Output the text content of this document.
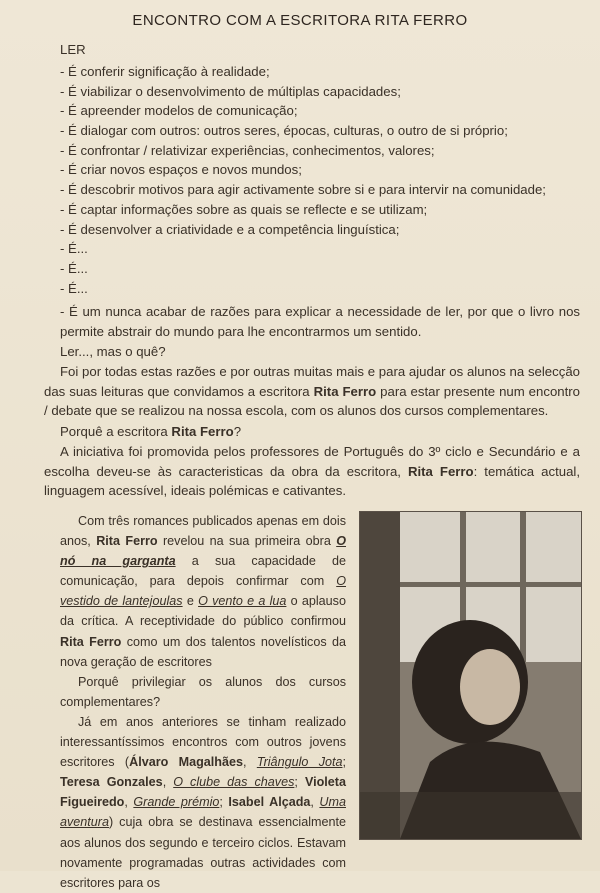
ENCONTRO COM A ESCRITORA RITA FERRO
LER
- É conferir significação à realidade;
- É viabilizar o desenvolvimento de múltiplas capacidades;
- É apreender modelos de comunicação;
- É dialogar com outros: outros seres, épocas, culturas, o outro de si próprio;
- É confrontar / relativizar experiências, conhecimentos, valores;
- É criar novos espaços e novos mundos;
- É descobrir motivos para agir activamente sobre si e para intervir na comunidade;
- É captar informações sobre as quais se reflecte e se utilizam;
- É desenvolver a criatividade e a competência linguística;
- É...
- É...
- É...

- É um nunca acabar de razões para explicar a necessidade de ler, por que o livro nos permite abstrair do mundo para lhe encontrarmos um sentido.

Ler..., mas o quê?

Foi por todas estas razões e por outras muitas mais e para ajudar os alunos na selecção das suas leituras que convidamos a escritora Rita Ferro para estar presente num encontro / debate que se realizou na nossa escola, com os alunos dos cursos complementares.

Porquê a escritora Rita Ferro?

A iniciativa foi promovida pelos professores de Português do 3º ciclo e Secundário e a escolha deveu-se às caracteristicas da obra da escritora, Rita Ferro: temática actual, linguagem acessível, ideais polémicas e cativantes.

Com três romances publicados apenas em dois anos, Rita Ferro revelou na sua primeira obra O nó na garganta a sua capacidade de comunicação, para depois confirmar com O vestido de lantejoulas e O vento e a lua o aplauso da crítica. A receptividade do público confirmou Rita Ferro como um dos talentos novelísticos da nova geração de escritores

Porquê privilegiar os alunos dos cursos complementares?

Já em anos anteriores se tinham realizado interessantíssimos encontros com outros jovens escritores (Álvaro Magalhães, Triângulo Jota; Teresa Gonzales, O clube das chaves; Violeta Figueiredo, Grande prémio; Isabel Alçada, Uma aventura) cuja obra se destinava essencialmente aos alunos dos segundo e terceiro ciclos. Estavam novamente programadas outras actividades com escritores para os
